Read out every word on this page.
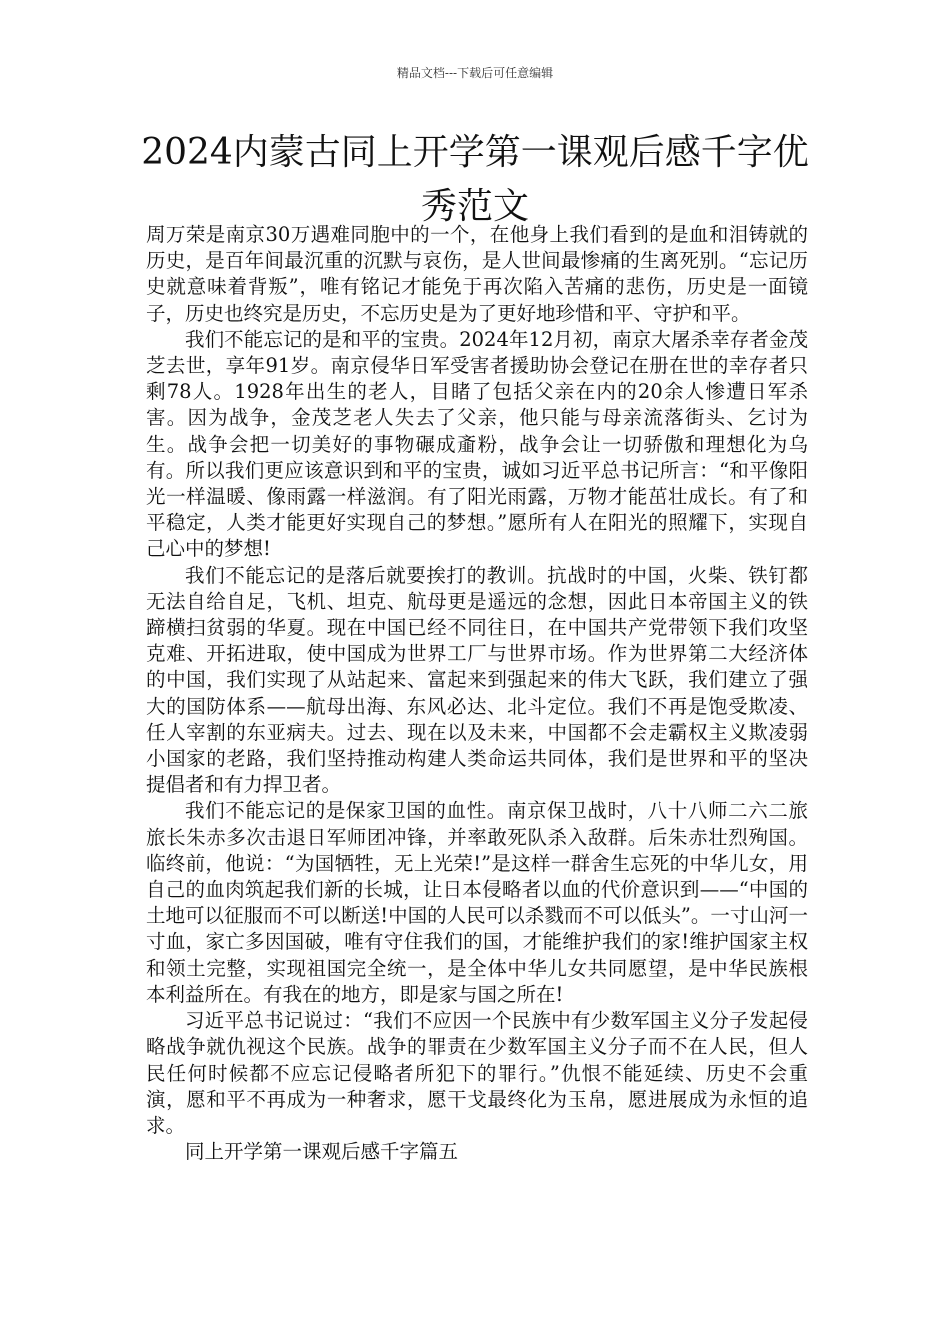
精品文档---下载后可任意编辑
2024内蒙古同上开学第一课观后感千字优秀范文

周万荣是南京30万遇难同胞中的一个，在他身上我们看到的是血和泪铸就的历史，是百年间最沉重的沉默与哀伤，是人世间最惨痛的生离死别。“忘记历史就意味着背叛”，唯有铭记才能免于再次陷入苦痛的悲伤，历史是一面镜子，历史也终究是历史，不忘历史是为了更好地珍惜和平、守护和平。

我们不能忘记的是和平的宝贵。2024年12月初，南京大屠杀幸存者金茂芝去世，享年91岁。南京侵华日军受害者援助协会登记在册在世的幸存者只剩78人。1928年出生的老人，目睹了包括父亲在内的20余人惨遭日军杀害。因为战争，金茂芝老人失去了父亲，他只能与母亲流落街头、乞讨为生。战争会把一切美好的事物碾成齑粉，战争会让一切骄傲和理想化为乌有。所以我们更应该意识到和平的宝贵，诚如习近平总书记所言：“和平像阳光一样温暖、像雨露一样滋润。有了阳光雨露，万物才能茁壮成长。有了和平稳定，人类才能更好实现自己的梦想。”愿所有人在阳光的照耀下，实现自己心中的梦想!

我们不能忘记的是落后就要挨打的教训。抗战时的中国，火柴、铁钉都无法自给自足，飞机、坦克、航母更是遥远的念想，因此日本帝国主义的铁蹄横扫贫弱的华夏。现在中国已经不同往日，在中国共产党带领下我们攻坚克难、开拓进取，使中国成为世界工厂与世界市场。作为世界第二大经济体的中国，我们实现了从站起来、富起来到强起来的伟大飞跃，我们建立了强大的国防体系——航母出海、东风必达、北斗定位。我们不再是饱受欺凌、任人宰割的东亚病夫。过去、现在以及未来，中国都不会走霸权主义欺凌弱小国家的老路，我们坚持推动构建人类命运共同体，我们是世界和平的坚决提倡者和有力捍卫者。

我们不能忘记的是保家卫国的血性。南京保卫战时，八十八师二六二旅旅长朱赤多次击退日军师团冲锋，并率敢死队杀入敌群。后朱赤壮烈殉国。临终前，他说：“为国牺牲，无上光荣!”是这样一群舍生忘死的中华儿女，用自己的血肉筑起我们新的长城，让日本侵略者以血的代价意识到——“中国的土地可以征服而不可以断送!中国的人民可以杀戮而不可以低头”。一寸山河一寸血，家亡多因国破，唯有守住我们的国，才能维护我们的家!维护国家主权和领土完整，实现祖国完全统一，是全体中华儿女共同愿望，是中华民族根本利益所在。有我在的地方，即是家与国之所在!

习近平总书记说过：“我们不应因一个民族中有少数军国主义分子发起侵略战争就仇视这个民族。战争的罪责在少数军国主义分子而不在人民，但人民任何时候都不应忘记侵略者所犯下的罪行。”仇恨不能延续、历史不会重演，愿和平不再成为一种奢求，愿干戈最终化为玉帛，愿进展成为永恒的追求。

同上开学第一课观后感千字篇五
